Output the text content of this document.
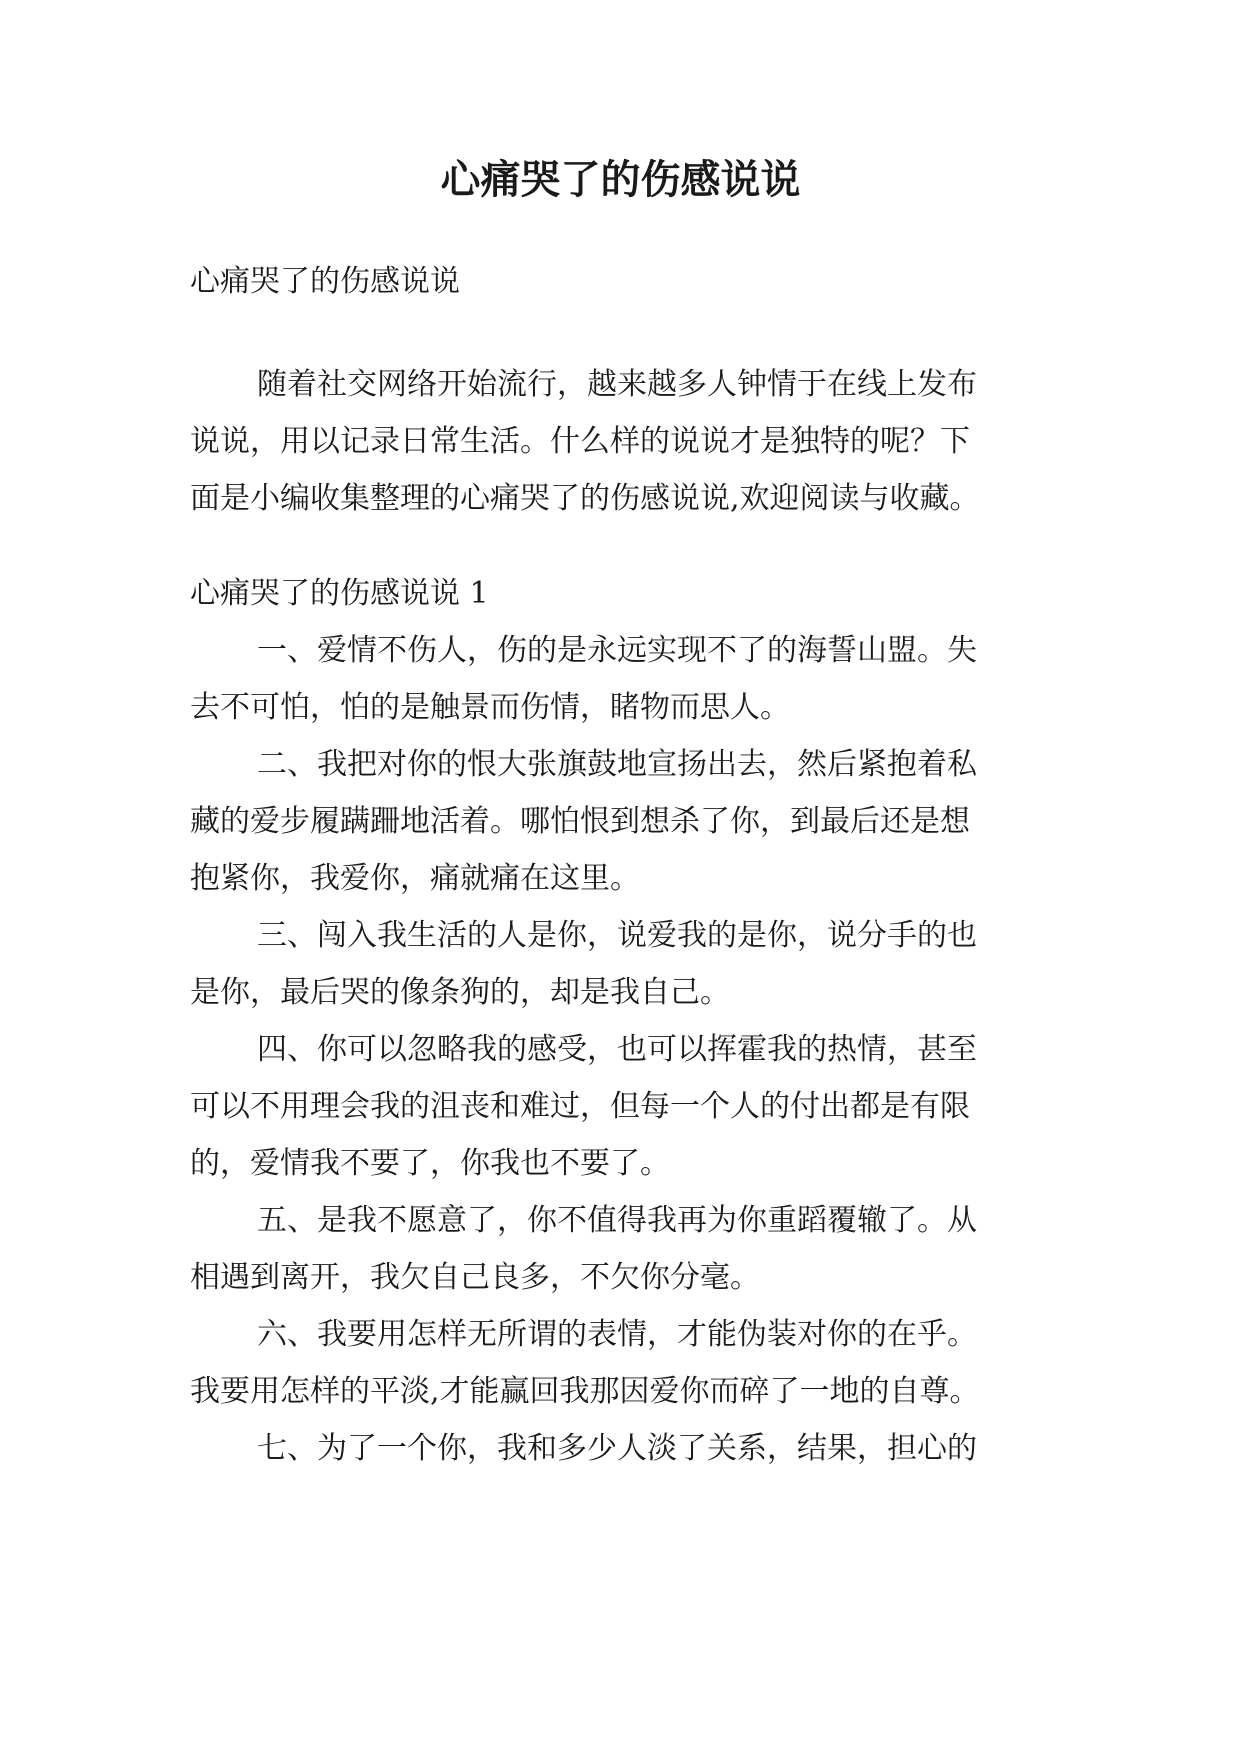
心痛哭了的伤感说说

心痛哭了的伤感说说

随着社交网络开始流行，越来越多人钟情于在线上发布

说说，用以记录日常生活。什么样的说说才是独特的呢？下

面是小编收集整理的心痛哭了的伤感说说,欢迎阅读与收藏。

心痛哭了的伤感说说 1

一、爱情不伤人，伤的是永远实现不了的海誓山盟。失

去不可怕，怕的是触景而伤情，睹物而思人。

二、我把对你的恨大张旗鼓地宣扬出去，然后紧抱着私

藏的爱步履蹒跚地活着。哪怕恨到想杀了你，到最后还是想

抱紧你，我爱你，痛就痛在这里。

三、闯入我生活的人是你，说爱我的是你，说分手的也

是你，最后哭的像条狗的，却是我自己。

四、你可以忽略我的感受，也可以挥霍我的热情，甚至

可以不用理会我的沮丧和难过，但每一个人的付出都是有限

的，爱情我不要了，你我也不要了。

五、是我不愿意了，你不值得我再为你重蹈覆辙了。从

相遇到离开，我欠自己良多，不欠你分毫。

六、我要用怎样无所谓的表情，才能伪装对你的在乎。

我要用怎样的平淡,才能赢回我那因爱你而碎了一地的自尊。

七、为了一个你，我和多少人淡了关系，结果，担心的
